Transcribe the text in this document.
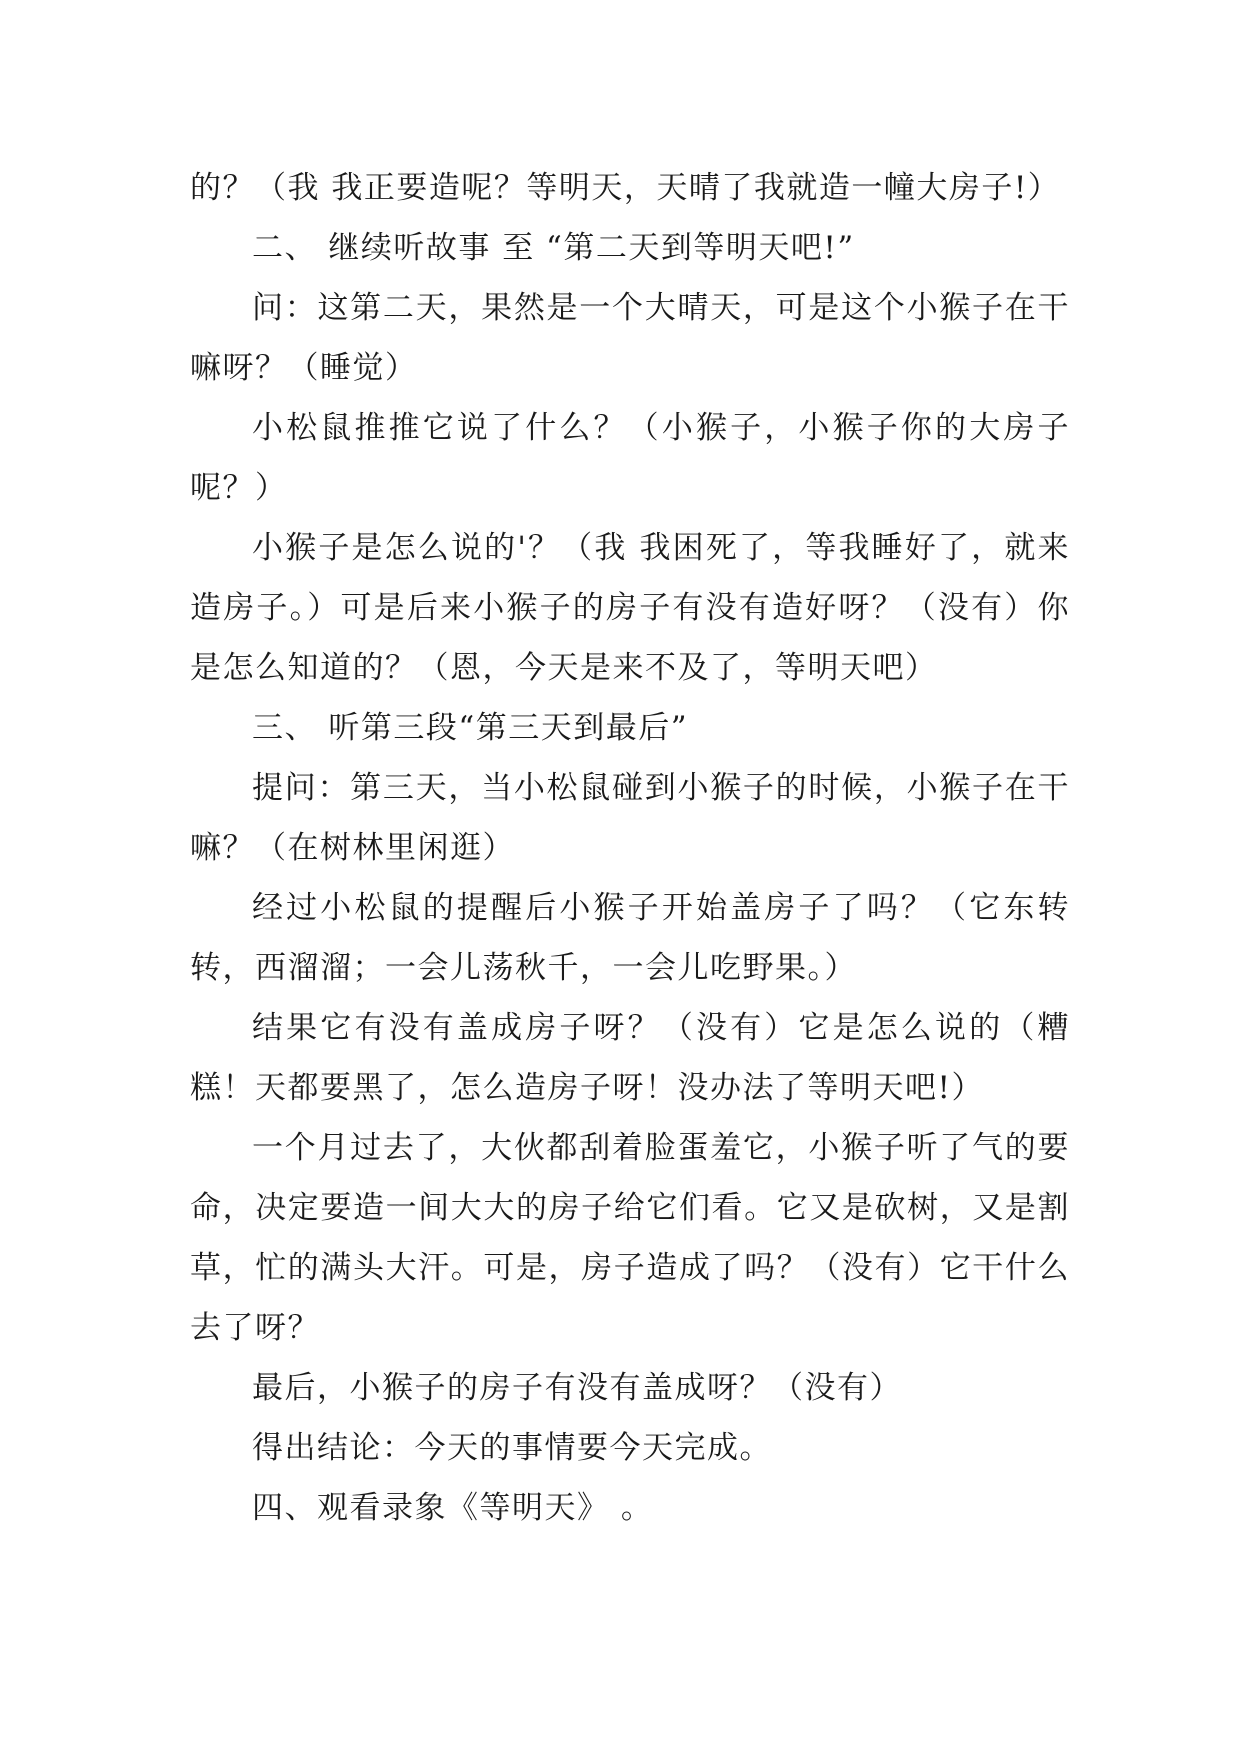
的？（我 我正要造呢？等明天，天晴了我就造一幢大房子!）

二、 继续听故事 至 “第二天到等明天吧!”

问：这第二天，果然是一个大晴天，可是这个小猴子在干嘛呀？（睡觉）

小松鼠推推它说了什么？（小猴子，小猴子你的大房子呢？）

小猴子是怎么说的'？（我 我困死了，等我睡好了，就来造房子。）可是后来小猴子的房子有没有造好呀？（没有）你是怎么知道的？（恩，今天是来不及了，等明天吧）

三、 听第三段“第三天到最后”

提问：第三天，当小松鼠碰到小猴子的时候，小猴子在干嘛？（在树林里闲逛）

经过小松鼠的提醒后小猴子开始盖房子了吗？（它东转转，西溜溜；一会儿荡秋千，一会儿吃野果。）

结果它有没有盖成房子呀？（没有）它是怎么说的（糟糕！天都要黑了，怎么造房子呀！没办法了等明天吧!）

一个月过去了，大伙都刮着脸蛋羞它，小猴子听了气的要命，决定要造一间大大的房子给它们看。它又是砍树，又是割草，忙的满头大汗。可是，房子造成了吗？（没有）它干什么去了呀？

最后，小猴子的房子有没有盖成呀？（没有）

得出结论：今天的事情要今天完成。

四、观看录象《等明天》 。
